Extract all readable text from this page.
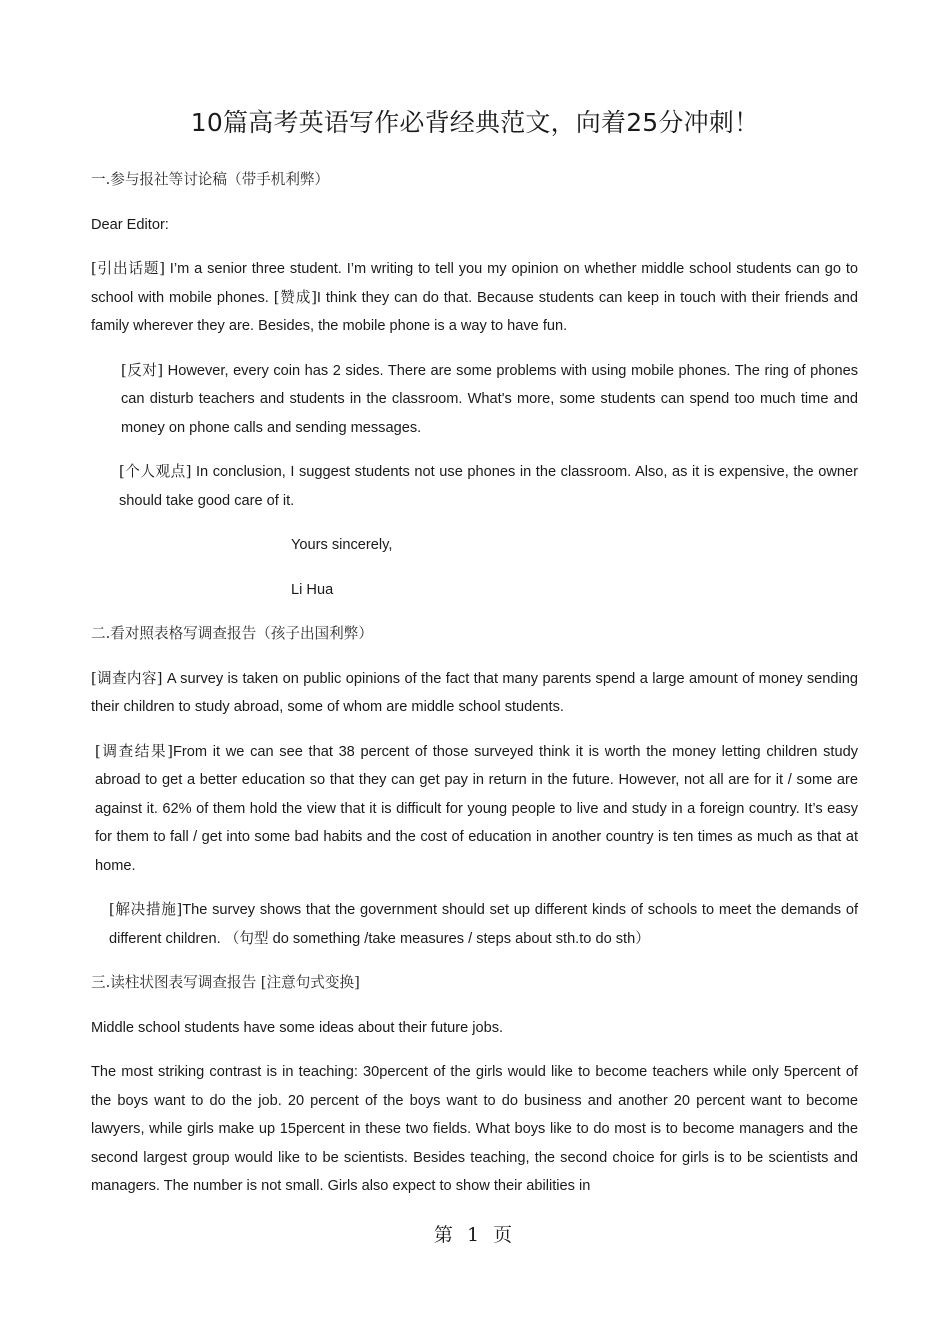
10篇高考英语写作必背经典范文，向着25分冲刺！

一.参与报社等讨论稿（带手机利弊）

Dear Editor:

[引出话题] I’m a senior three student. I’m writing to tell you my opinion on whether middle school students can go to school with mobile phones. [赞成]I think they can do that. Because students can keep in touch with their friends and family wherever they are. Besides, the mobile phone is a way to have fun.

[反对] However, every coin has 2 sides. There are some problems with using mobile phones. The ring of phones can disturb teachers and students in the classroom. What's more, some students can spend too much time and money on phone calls and sending messages.

[个人观点] In conclusion, I suggest students not use phones in the classroom. Also, as it is expensive, the owner should take good care of it.

Yours sincerely,

Li Hua

二.看对照表格写调查报告（孩子出国利弊）

[调查内容] A survey is taken on public opinions of the fact that many parents spend a large amount of money sending their children to study abroad, some of whom are middle school students.

[调查结果]From it we can see that 38 percent of those surveyed think it is worth the money letting children study abroad to get a better education so that they can get pay in return in the future. However, not all are for it / some are against it. 62% of them hold the view that it is difficult for young people to live and study in a foreign country. It’s easy for them to fall / get into some bad habits and the cost of education in another country is ten times as much as that at home.

[解决措施]The survey shows that the government should set up different kinds of schools to meet the demands of different children. （句型 do something /take measures / steps about sth.to do sth）

三.读柱状图表写调查报告 [注意句式变换]

Middle school students have some ideas about their future jobs.

The most striking contrast is in teaching: 30percent of the girls would like to become teachers while only 5percent of the boys want to do the job. 20 percent of the boys want to do business and another 20 percent want to become lawyers, while girls make up 15percent in these two fields. What boys like to do most is to become managers and the second largest group would like to be scientists. Besides teaching, the second choice for girls is to be scientists and managers. The number is not small. Girls also expect to show their abilities in

第 1 页
